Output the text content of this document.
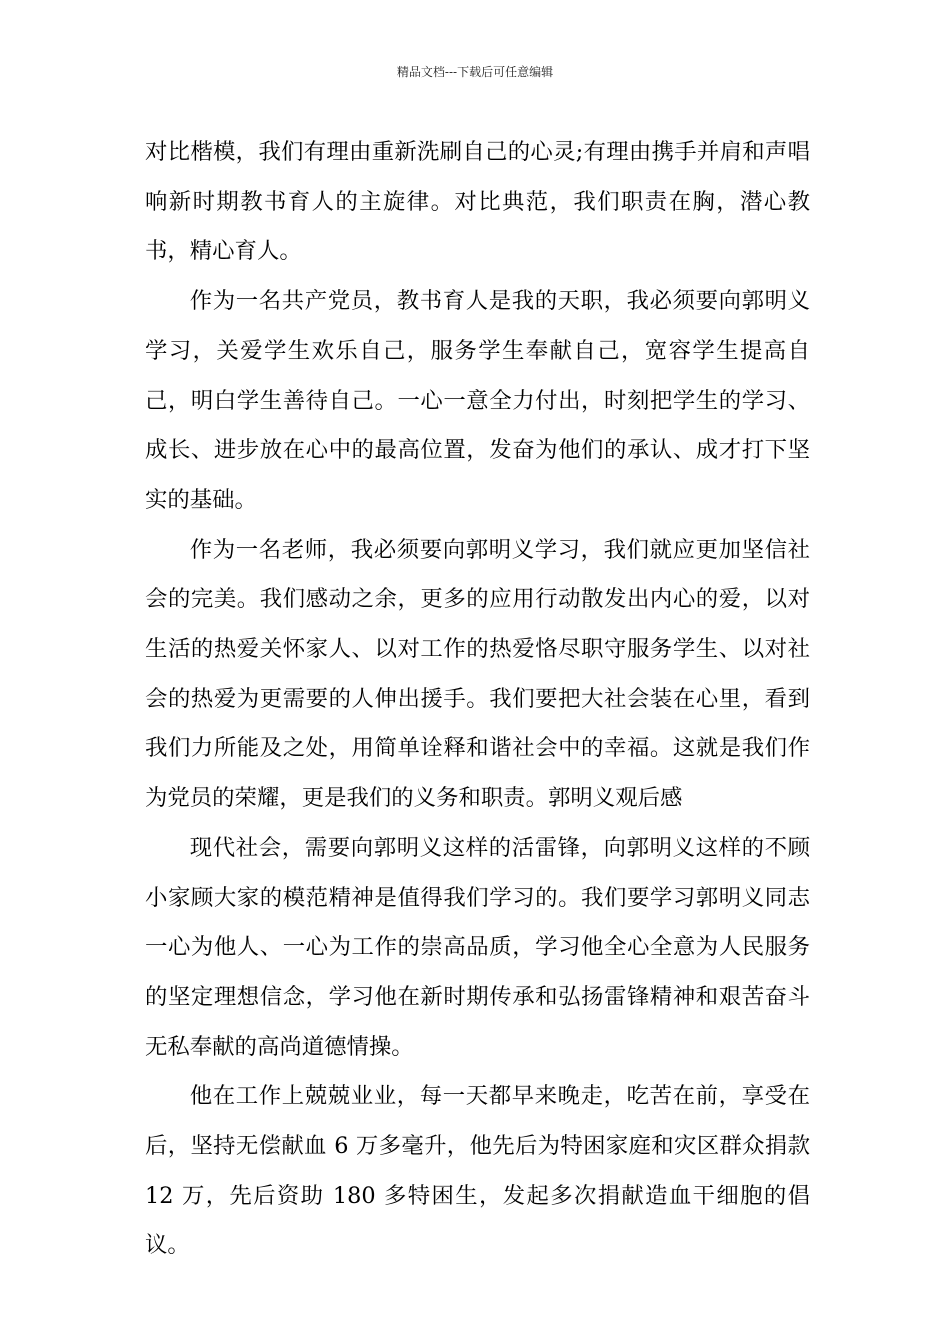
精品文档---下载后可任意编辑

对比楷模，我们有理由重新洗刷自己的心灵;有理由携手并肩和声唱响新时期教书育人的主旋律。对比典范，我们职责在胸，潜心教书，精心育人。

作为一名共产党员，教书育人是我的天职，我必须要向郭明义学习，关爱学生欢乐自己，服务学生奉献自己，宽容学生提高自己，明白学生善待自己。一心一意全力付出，时刻把学生的学习、成长、进步放在心中的最高位置，发奋为他们的承认、成才打下坚实的基础。

作为一名老师，我必须要向郭明义学习，我们就应更加坚信社会的完美。我们感动之余，更多的应用行动散发出内心的爱，以对生活的热爱关怀家人、以对工作的热爱恪尽职守服务学生、以对社会的热爱为更需要的人伸出援手。我们要把大社会装在心里，看到我们力所能及之处，用简单诠释和谐社会中的幸福。这就是我们作为党员的荣耀，更是我们的义务和职责。郭明义观后感

现代社会，需要向郭明义这样的活雷锋，向郭明义这样的不顾小家顾大家的模范精神是值得我们学习的。我们要学习郭明义同志一心为他人、一心为工作的崇高品质，学习他全心全意为人民服务的坚定理想信念，学习他在新时期传承和弘扬雷锋精神和艰苦奋斗无私奉献的高尚道德情操。

他在工作上兢兢业业，每一天都早来晚走，吃苦在前，享受在后，坚持无偿献血 6 万多毫升，他先后为特困家庭和灾区群众捐款 12 万，先后资助 180 多特困生，发起多次捐献造血干细胞的倡议。
